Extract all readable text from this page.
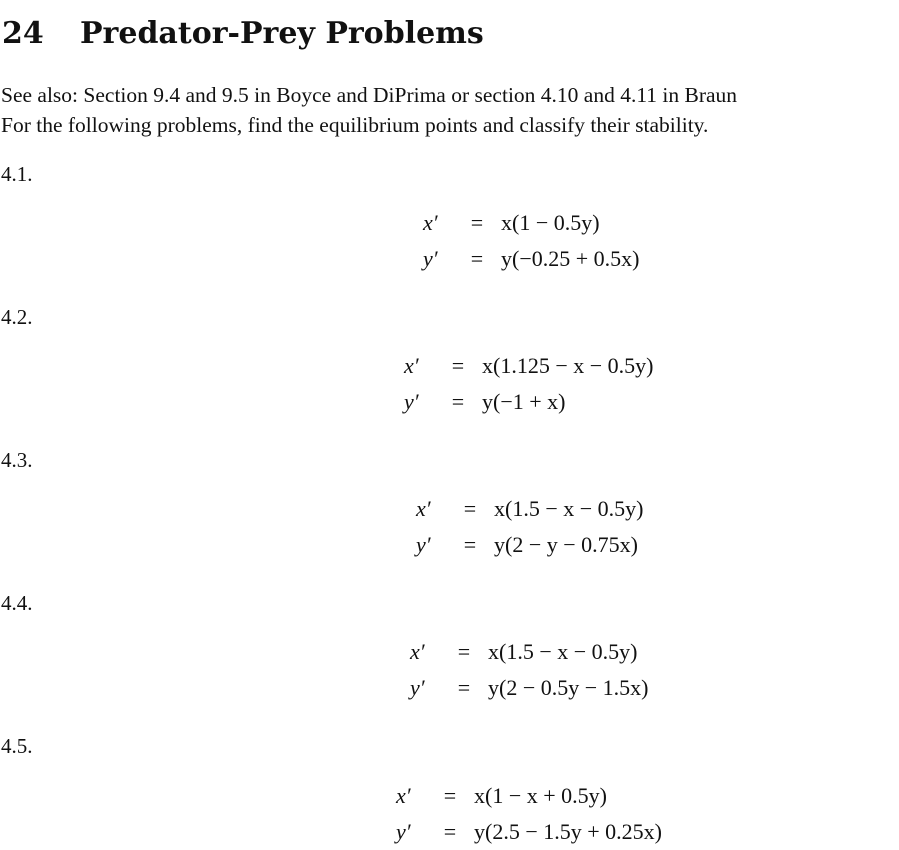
24 Predator-Prey Problems

See also: Section 9.4 and 9.5 in Boyce and DiPrima or section 4.10 and 4.11 in Braun

For the following problems, find the equilibrium points and classify their stability.

4.1.
x′	= x(1 − 0.5y)
y′	= y(−0.25 + 0.5x)
4.2.
x′	= x(1.125 − x − 0.5y)
y′	= y(−1 + x)
4.3.
x′	= x(1.5 − x − 0.5y)
y′	= y(2 − y − 0.75x)
4.4.
x′	= x(1.5 − x − 0.5y)
y′	= y(2 − 0.5y − 1.5x)
4.5.
x′	= x(1 − x + 0.5y)
y′	= y(2.5 − 1.5y + 0.25x)
